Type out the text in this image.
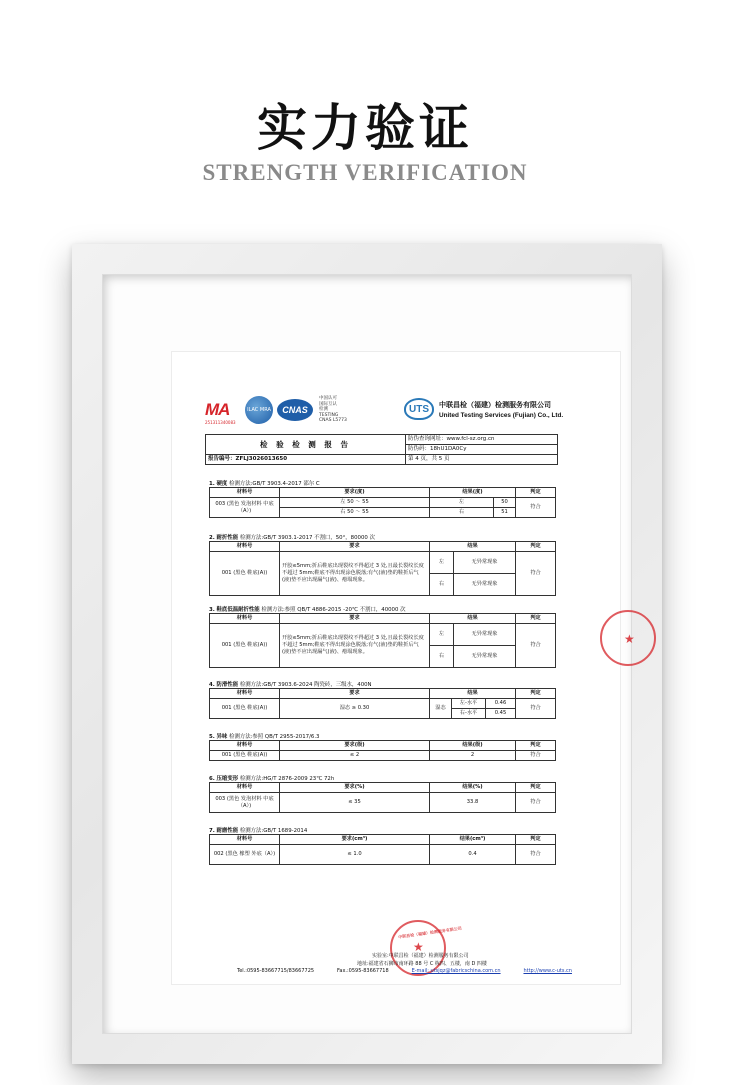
实力验证
STRENGTH VERIFICATION
MA
251311340083
ILAC MRA CNAS
中国认可
国际互认
检测
TESTING
CNAS L5773
UTS 中联昌检（福建）检测服务有限公司
United Testing Services (Fujian) Co., Ltd.
检 验 检 测 报 告	防伪查询网址：www.fcl-sz.org.cn
	防伪码：18hU1DA0Cy
报告编号：ZFLJ3026013650	第 4 页，共 5 页
1. 硬度 检测方法:GB/T 3903.4-2017 邵尔 C
材料号	要求(度)	结果(度)		判定
003 (黑色 发泡材料 中底（A）)	左 50 ～ 55	左	50	符合
	右 50 ～ 55	右	51	
2. 耐折性能 检测方法:GB/T 3903.1-2017 不割口，50°，80000 次
材料号	要求	结果		判定
001 (黑色 鞋底(A))	开胶≤5mm;折后鞋底出现裂纹不得超过 3 处,且最长裂纹长度不超过 5mm;鞋底不得出现涂色脱落;有气(液)垫的鞋折后气(液)垫不应出现漏气(液)、瘪塌现象。	左	无异常现象	符合
		右	无异常现象	
3. 鞋底低温耐折性能 检测方法:参照 QB/T 4886-2015 -20℃ 不割口，40000 次
材料号	要求	结果		判定
001 (黑色 鞋底(A))	开胶≤5mm;折后鞋底出现裂纹不得超过 3 处,且最长裂纹长度不超过 5mm;鞋底不得出现涂色脱落;有气(液)垫的鞋折后气(液)垫不应出现漏气(液)、瘪塌现象。	左	无异常现象	符合
		右	无异常现象	
4. 防滑性能 检测方法:GB/T 3903.6-2024 陶瓷砖，三级水，400N
材料号	要求	结果			判定
001 (黑色 鞋底(A))	湿态 ≥ 0.30	湿态	左-水平	0.46	符合
			右-水平	0.45	
5. 异味 检测方法:参照 QB/T 2955-2017/6.3
材料号	要求(级)	结果(级)	判定
001 (黑色 鞋底(A))	≤ 2	2	符合
6. 压缩变形 检测方法:HG/T 2876-2009 23℃ 72h
材料号	要求(%)	结果(%)	判定
003 (黑色 发泡材料 中底（A）)	≤ 35	33.8	符合
7. 耐磨性能 检测方法:GB/T 1689-2014
材料号	要求(cm³)	结果(cm³)	判定
002 (黑色 橡塑 外底（A）)	≤ 1.0	0.4	符合
★
★
中联昌检（福建）检测服务有限公司
实验室:中联昌检（福建）检测服务有限公司
地址:福建省石狮市南环路 88 号 C 栋四、五楼，南 D 四楼
Tel.:0595-83667715/83667725	Fax.:0595-83667718	E-mail: utsjqz@fabricschina.com.cn	http://www.c-uts.cn
